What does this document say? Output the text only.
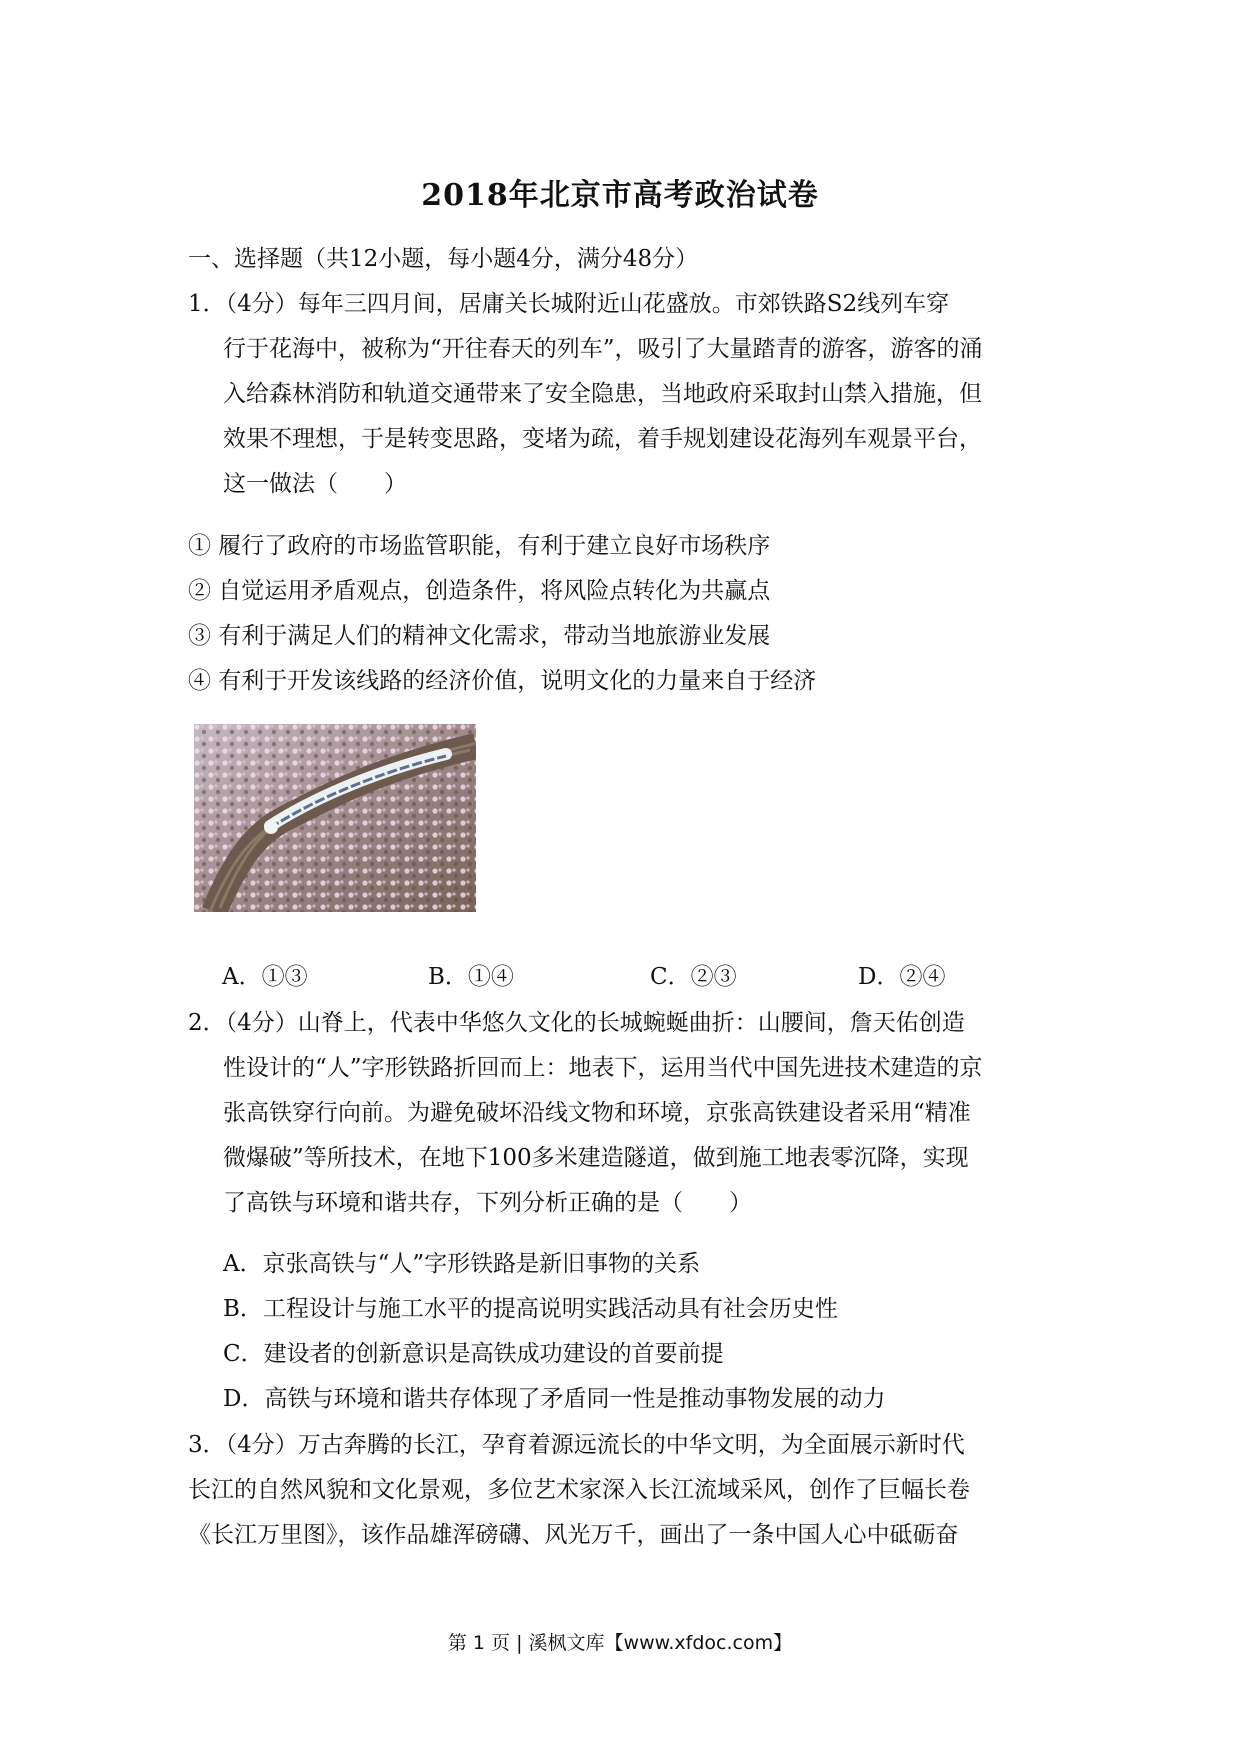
2018年北京市高考政治试卷
一、选择题（共12小题，每小题4分，满分48分）
1．（4分）每年三四月间，居庸关长城附近山花盛放。市郊铁路S2线列车穿
行于花海中，被称为“开往春天的列车”，吸引了大量踏青的游客，游客的涌
入给森林消防和轨道交通带来了安全隐患，当地政府采取封山禁入措施，但
效果不理想，于是转变思路，变堵为疏，着手规划建设花海列车观景平台，
这一做法（　　）
① 履行了政府的市场监管职能，有利于建立良好市场秩序
② 自觉运用矛盾观点，创造条件，将风险点转化为共赢点
③ 有利于满足人们的精神文化需求，带动当地旅游业发展
④ 有利于开发该线路的经济价值，说明文化的力量来自于经济
A．①③	B．①④	C．②③	D．②④
2．（4分）山脊上，代表中华悠久文化的长城蜿蜒曲折：山腰间，詹天佑创造
性设计的“人”字形铁路折回而上：地表下，运用当代中国先进技术建造的京
张高铁穿行向前。为避免破坏沿线文物和环境，京张高铁建设者采用“精准
微爆破”等所技术，在地下100多米建造隧道，做到施工地表零沉降，实现
了高铁与环境和谐共存，下列分析正确的是（　　）
A．京张高铁与“人”字形铁路是新旧事物的关系
B．工程设计与施工水平的提高说明实践活动具有社会历史性
C．建设者的创新意识是高铁成功建设的首要前提
D．高铁与环境和谐共存体现了矛盾同一性是推动事物发展的动力
3．（4分）万古奔腾的长江，孕育着源远流长的中华文明，为全面展示新时代
长江的自然风貌和文化景观，多位艺术家深入长江流域采风，创作了巨幅长卷
《长江万里图》，该作品雄浑磅礴、风光万千，画出了一条中国人心中砥砺奋
第 1 页 | 溪枫文库【www.xfdoc.com】
